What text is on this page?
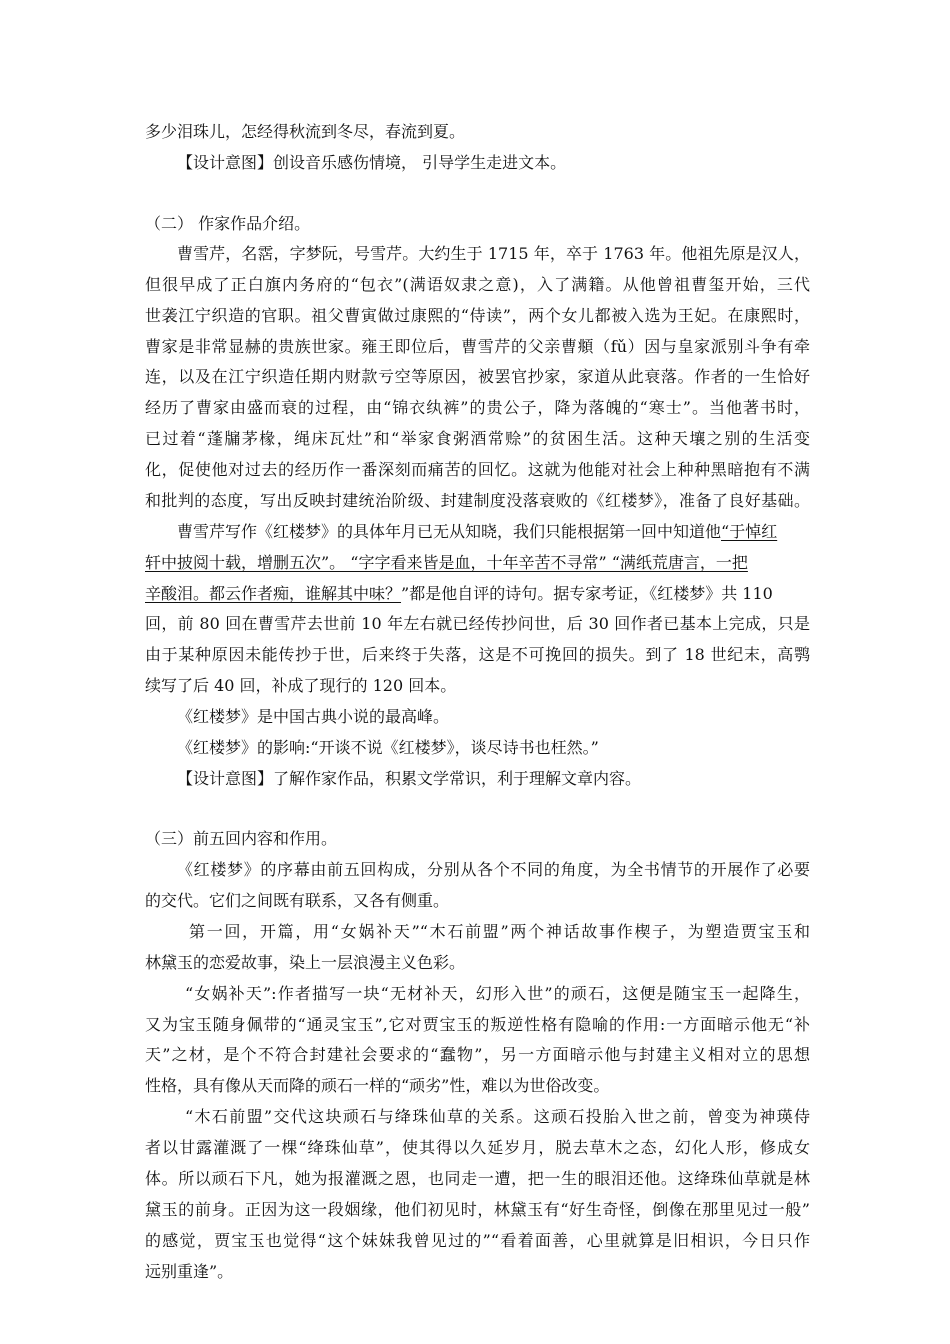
多少泪珠儿，怎经得秋流到冬尽，春流到夏。
【设计意图】创设音乐感伤情境， 引导学生走进文本。
（二） 作家作品介绍。
曹雪芹，名霑，字梦阮，号雪芹。大约生于 1715 年，卒于 1763 年。他祖先原是汉人，
但很早成了正白旗内务府的“包衣”(满语奴隶之意)，入了满籍。从他曾祖曹玺开始，三代
世袭江宁织造的官职。祖父曹寅做过康熙的“侍读”，两个女儿都被入选为王妃。在康熙时，
曹家是非常显赫的贵族世家。雍王即位后，曹雪芹的父亲曹頫（fǔ）因与皇家派别斗争有牵
连，以及在江宁织造任期内财款亏空等原因，被罢官抄家，家道从此衰落。作者的一生恰好
经历了曹家由盛而衰的过程，由“锦衣纨裤”的贵公子，降为落魄的“寒士”。当他著书时，
已过着“蓬牖茅椽，绳床瓦灶”和“举家食粥酒常赊”的贫困生活。这种天壤之别的生活变
化，促使他对过去的经历作一番深刻而痛苦的回忆。这就为他能对社会上种种黑暗抱有不满
和批判的态度，写出反映封建统治阶级、封建制度没落衰败的《红楼梦》，准备了良好基础。
曹雪芹写作《红楼梦》的具体年月已无从知晓，我们只能根据第一回中知道他“于悼红
轩中披阅十载，增删五次”。 “字字看来皆是血，十年辛苦不寻常” “满纸荒唐言，一把
辛酸泪。都云作者痴，谁解其中味？”都是他自评的诗句。据专家考证，《红楼梦》共 110
回，前 80 回在曹雪芹去世前 10 年左右就已经传抄问世，后 30 回作者已基本上完成，只是
由于某种原因未能传抄于世，后来终于失落，这是不可挽回的损失。到了 18 世纪末，高鹗
续写了后 40 回，补成了现行的 120 回本。
《红楼梦》是中国古典小说的最高峰。
《红楼梦》的影响:“开谈不说《红楼梦》，谈尽诗书也枉然。”
【设计意图】了解作家作品，积累文学常识，利于理解文章内容。
（三）前五回内容和作用。
《红楼梦》的序幕由前五回构成，分别从各个不同的角度，为全书情节的开展作了必要
的交代。它们之间既有联系，又各有侧重。
第一回，开篇，用“女娲补天”“木石前盟”两个神话故事作楔子，为塑造贾宝玉和
林黛玉的恋爱故事，染上一层浪漫主义色彩。
“女娲补天”:作者描写一块“无材补天，幻形入世”的顽石，这便是随宝玉一起降生，
又为宝玉随身佩带的“通灵宝玉”,它对贾宝玉的叛逆性格有隐喻的作用:一方面暗示他无“补
天”之材，是个不符合封建社会要求的“蠢物”，另一方面暗示他与封建主义相对立的思想
性格，具有像从天而降的顽石一样的“顽劣”性，难以为世俗改变。
“木石前盟”交代这块顽石与绛珠仙草的关系。这顽石投胎入世之前，曾变为神瑛侍
者以甘露灌溉了一棵“绛珠仙草”，使其得以久延岁月，脱去草木之态，幻化人形，修成女
体。所以顽石下凡，她为报灌溉之恩，也同走一遭，把一生的眼泪还他。这绛珠仙草就是林
黛玉的前身。正因为这一段姻缘，他们初见时，林黛玉有“好生奇怪，倒像在那里见过一般”
的感觉，贾宝玉也觉得“这个妹妹我曾见过的”“看着面善，心里就算是旧相识，今日只作
远别重逢”。
